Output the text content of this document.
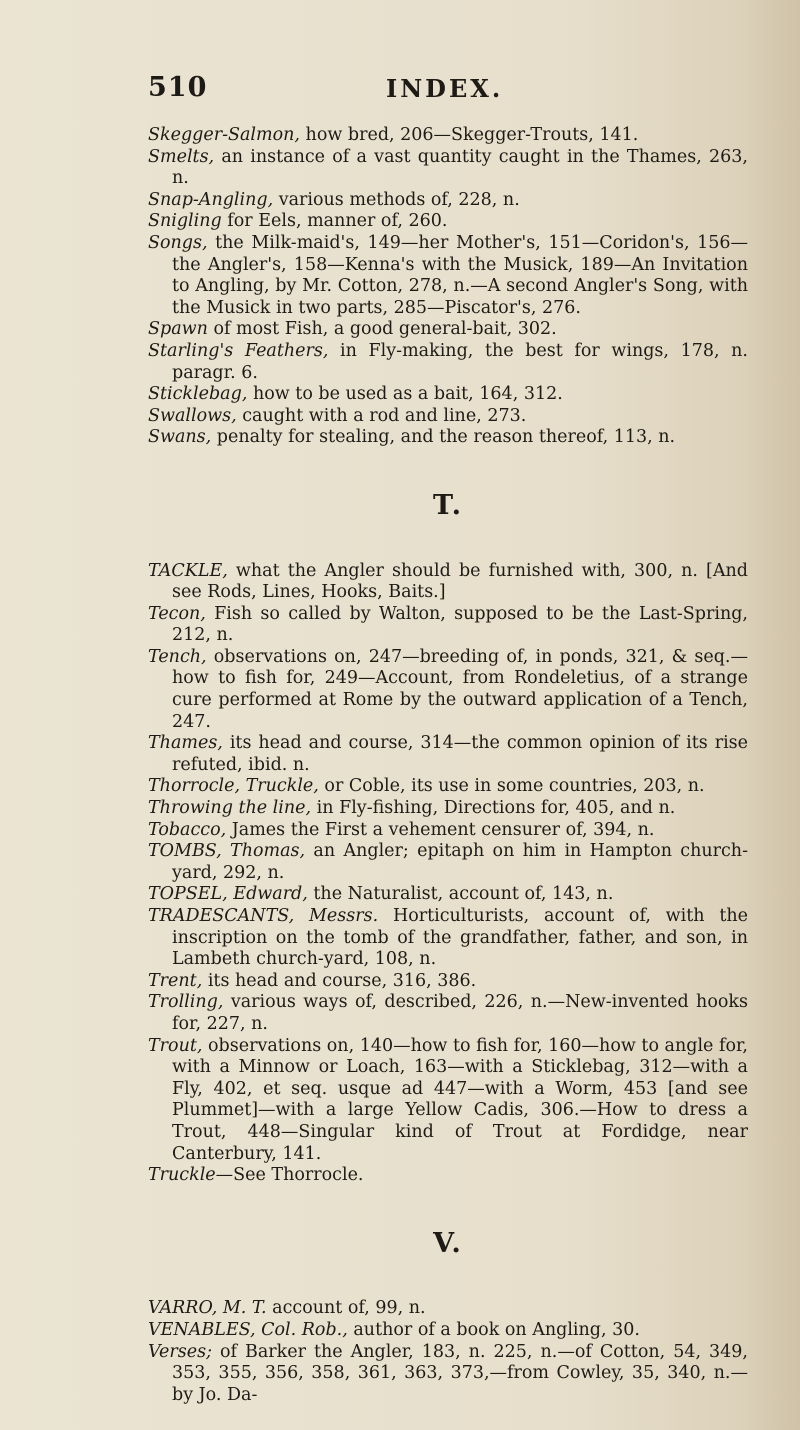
510	INDEX.

Skegger-Salmon, how bred, 206—Skegger-Trouts, 141.

Smelts, an instance of a vast quantity caught in the Thames, 263, n.

Snap-Angling, various methods of, 228, n.

Snigling for Eels, manner of, 260.

Songs, the Milk-maid's, 149—her Mother's, 151—Coridon's, 156—the Angler's, 158—Kenna's with the Musick, 189—An Invitation to Angling, by Mr. Cotton, 278, n.—A second Angler's Song, with the Musick in two parts, 285—Piscator's, 276.

Spawn of most Fish, a good general-bait, 302.

Starling's Feathers, in Fly-making, the best for wings, 178, n. paragr. 6.

Sticklebag, how to be used as a bait, 164, 312.

Swallows, caught with a rod and line, 273.

Swans, penalty for stealing, and the reason thereof, 113, n.

T.

TACKLE, what the Angler should be furnished with, 300, n. [And see Rods, Lines, Hooks, Baits.]

Tecon, Fish so called by Walton, supposed to be the Last-Spring, 212, n.

Tench, observations on, 247—breeding of, in ponds, 321, & seq.—how to fish for, 249—Account, from Rondeletius, of a strange cure performed at Rome by the outward application of a Tench, 247.

Thames, its head and course, 314—the common opinion of its rise refuted, ibid. n.

Thorrocle, Truckle, or Coble, its use in some countries, 203, n.

Throwing the line, in Fly-fishing, Directions for, 405, and n.

Tobacco, James the First a vehement censurer of, 394, n.

TOMBS, Thomas, an Angler; epitaph on him in Hampton church-yard, 292, n.

TOPSEL, Edward, the Naturalist, account of, 143, n.

TRADESCANTS, Messrs. Horticulturists, account of, with the inscription on the tomb of the grandfather, father, and son, in Lambeth church-yard, 108, n.

Trent, its head and course, 316, 386.

Trolling, various ways of, described, 226, n.—New-invented hooks for, 227, n.

Trout, observations on, 140—how to fish for, 160—how to angle for, with a Minnow or Loach, 163—with a Sticklebag, 312—with a Fly, 402, et seq. usque ad 447—with a Worm, 453 [and see Plummet]—with a large Yellow Cadis, 306.—How to dress a Trout, 448—Singular kind of Trout at Fordidge, near Canterbury, 141.

Truckle—See Thorrocle.

V.

VARRO, M. T. account of, 99, n.

VENABLES, Col. Rob., author of a book on Angling, 30.

Verses; of Barker the Angler, 183, n. 225, n.—of Cotton, 54, 349, 353, 355, 356, 358, 361, 363, 373,—from Cowley, 35, 340, n.—by Jo. Da-
